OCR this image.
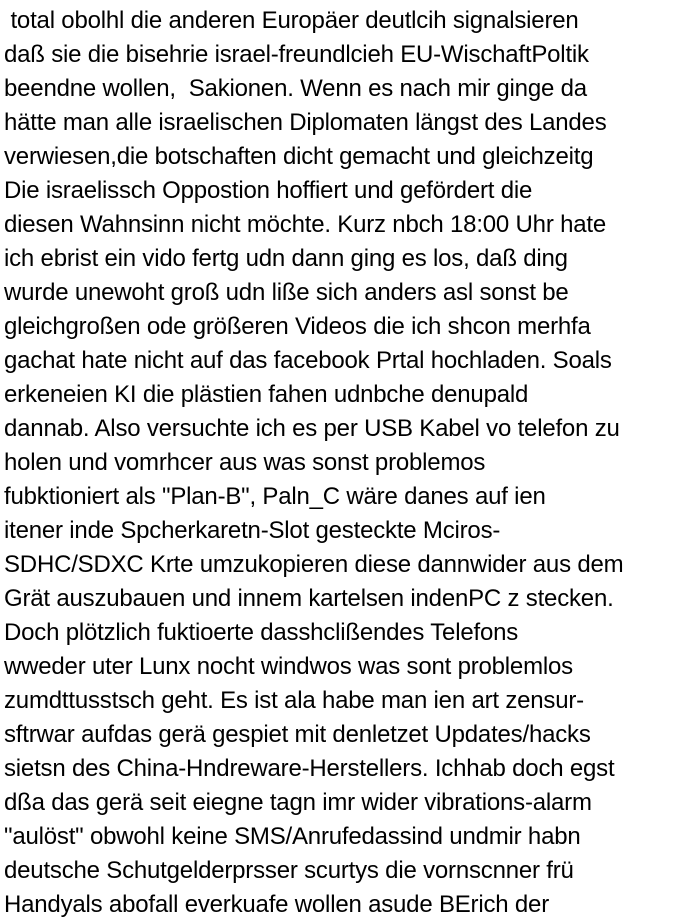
total obolhl die anderen Europäer deutlcih signalsieren
daß sie die bisehrie israel-freundlcieh EU-WischaftPoltik
beendne wollen,  Sakionen. Wenn es nach mir ginge da
hätte man alle israelischen Diplomaten längst des Landes
verwiesen,die botschaften dicht gemacht und gleichzeitg
Die israelissch Oppostion hoffiert und gefördert die
diesen Wahnsinn nicht möchte. Kurz nbch 18:00 Uhr hate
ich ebrist ein vido fertg udn dann ging es los, daß ding
wurde unewoht groß udn liße sich anders asl sonst be
gleichgroßen ode größeren Videos die ich shcon merhfa
gachat hate nicht auf das facebook Prtal hochladen. Soals
erkeneien KI die plästien fahen udnbche denupald
dannab. Also versuchte ich es per USB Kabel vo telefon zu
holen und vomrhcer aus was sonst problemos
fubktioniert als "Plan-B", Paln_C wäre danes auf ien
itener inde Spcherkaretn-Slot gesteckte Mciros-
SDHC/SDXC Krte umzukopieren diese dannwider aus dem
Grät auszubauen und innem kartelsen indenPC z stecken.
Doch plötzlich fuktioerte dasshclißendes Telefons
wweder uter Lunx nocht windwos was sont problemlos
zumdttusstsch geht. Es ist ala habe man ien art zensur-
sftrwar aufdas gerä gespiet mit denletzet Updates/hacks
sietsn des China-Hndreware-Herstellers. Ichhab doch egst
dßa das gerä seit eiegne tagn imr wider vibrations-alarm
"aulöst" obwohl keine SMS/Anrufedassind undmir habn
deutsche Schutgelderprsser scurtys die vornscnner frü
Handyals abofall everkuafe wollen asude BErich der
